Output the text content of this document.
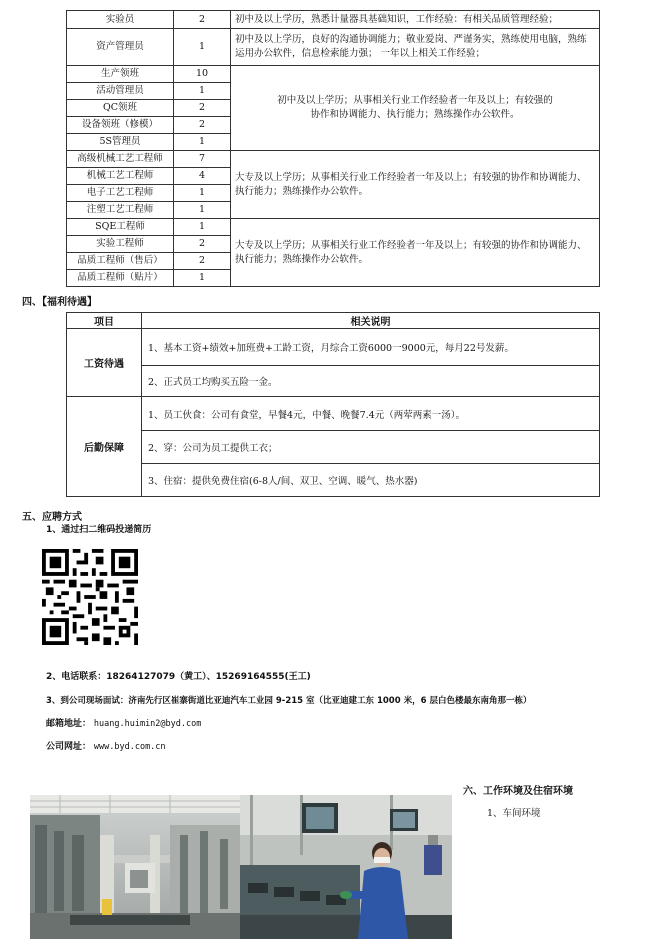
实验员	2	初中及以上学历，熟悉计量器具基础知识，工作经验：有相关品质管理经验；
资产管理员	1	初中及以上学历，良好的沟通协调能力；敬业爱岗、严谨务实，熟练使用电脑，熟练运用办公软件，信息检索能力强； 一年以上相关工作经验；
生产领班	10	初中及以上学历；从事相关行业工作经验者一年及以上；有较强的协作和协调能力、执行能力；熟练操作办公软件。
活动管理员	1	
QC领班	2	
设备领班（修模）	2	
5S管理员	1	
高级机械工艺工程师	7	大专及以上学历；从事相关行业工作经验者一年及以上；有较强的协作和协调能力、执行能力；熟练操作办公软件。
机械工艺工程师	4	
电子工艺工程师	1	
注塑工艺工程师	1	
SQE工程师	1	大专及以上学历；从事相关行业工作经验者一年及以上；有较强的协作和协调能力、执行能力；熟练操作办公软件。
实验工程师	2	
品质工程师（售后）	2	
品质工程师（贴片）	1	
四、【福利待遇】
项目	相关说明
工资待遇	1、基本工资+绩效+加班费+工龄工资，月综合工资6000一9000元，每月22号发薪。
	2、正式员工均购买五险一金。
后勤保障	1、员工伙食：公司有食堂，早餐4元，中餐、晚餐7.4元（两荤两素一汤）。
	2、穿：公司为员工提供工衣；
	3、住宿：提供免费住宿(6-8人/间、双卫、空调、暖气、热水器)
五、应聘方式
1、通过扫二维码投递简历
2、电话联系：18264127079（黄工）、15269164555(王工)
3、到公司现场面试：济南先行区崔寨街道比亚迪汽车工业园 9-215 室（比亚迪建工东 1000 米，6 层白色楼最东南角那一栋）
邮箱地址： huang.huimin2@byd.com
公司网址： www.byd.com.cn
六、工作环境及住宿环境
1、车间环境
